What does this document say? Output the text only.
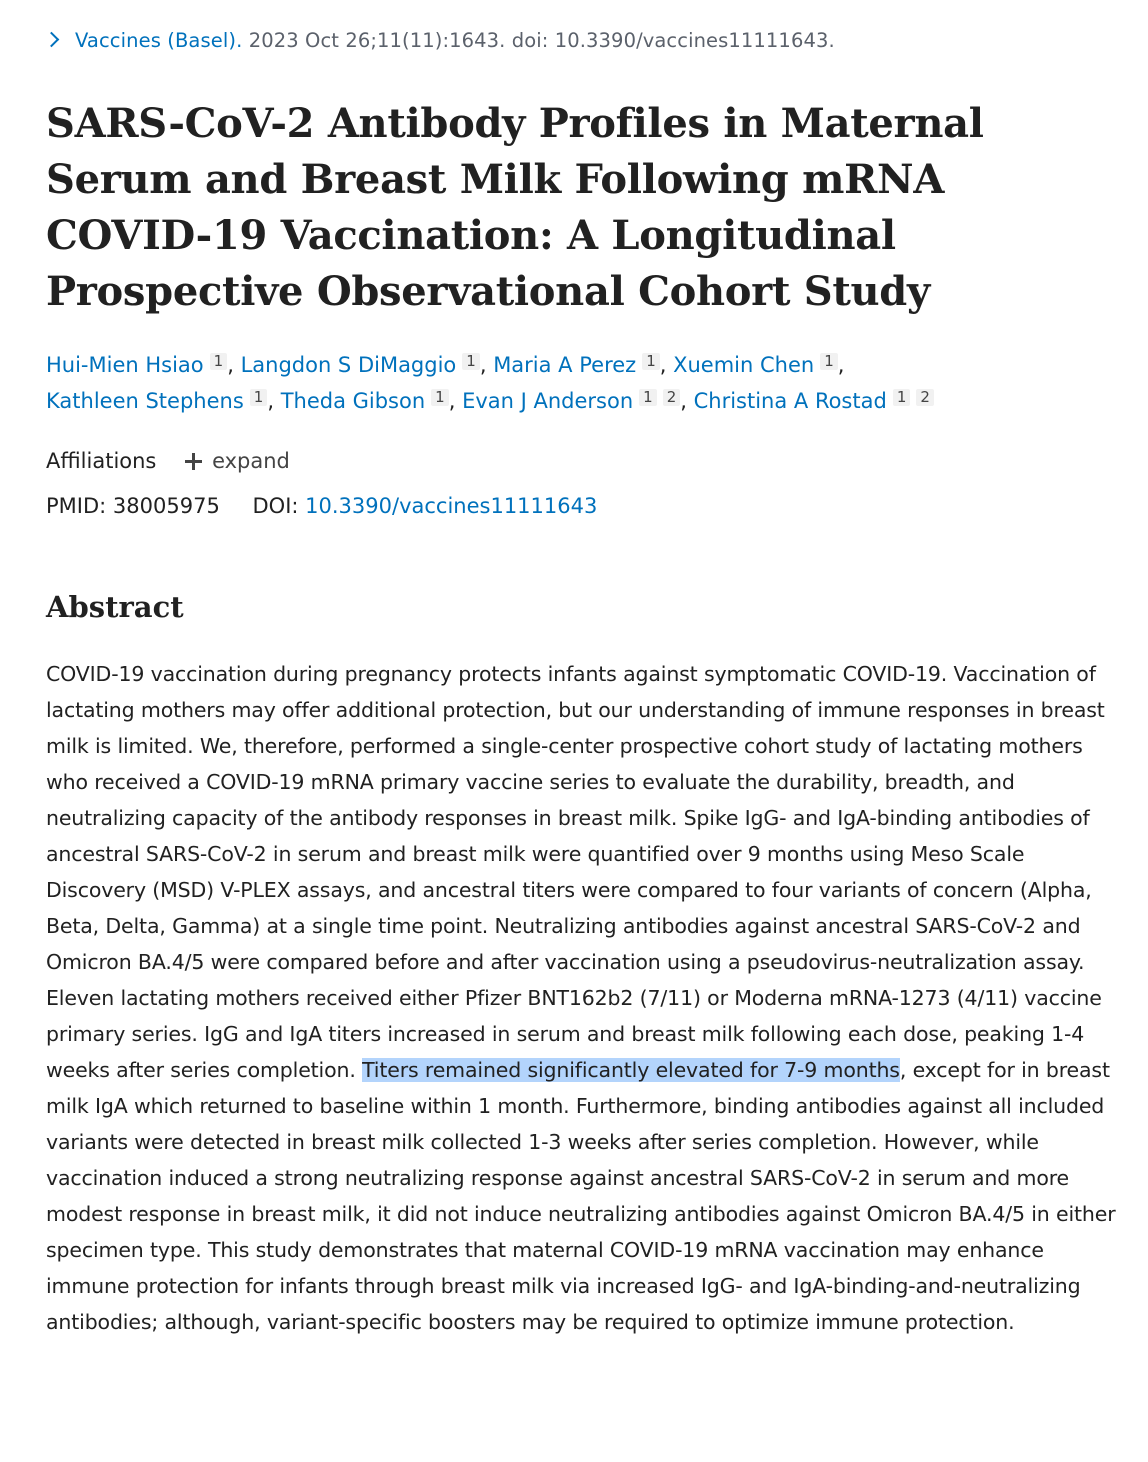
Vaccines (Basel). 2023 Oct 26;11(11):1643. doi: 10.3390/vaccines11111643.
SARS-CoV-2 Antibody Profiles in Maternal Serum and Breast Milk Following mRNA COVID-19 Vaccination: A Longitudinal Prospective Observational Cohort Study
Hui-Mien Hsiao 1 , Langdon S DiMaggio 1 , Maria A Perez 1 , Xuemin Chen 1 ,
Kathleen Stephens 1 , Theda Gibson 1 , Evan J Anderson 1 2 , Christina A Rostad 1 2
Affiliations	expand
PMID: 38005975 DOI: 10.3390/vaccines11111643
Abstract

COVID-19 vaccination during pregnancy protects infants against symptomatic COVID-19. Vaccination of lactating mothers may offer additional protection, but our understanding of immune responses in breast milk is limited. We, therefore, performed a single-center prospective cohort study of lactating mothers who received a COVID-19 mRNA primary vaccine series to evaluate the durability, breadth, and neutralizing capacity of the antibody responses in breast milk. Spike IgG- and IgA-binding antibodies of ancestral SARS-CoV-2 in serum and breast milk were quantified over 9 months using Meso Scale Discovery (MSD) V-PLEX assays, and ancestral titers were compared to four variants of concern (Alpha, Beta, Delta, Gamma) at a single time point. Neutralizing antibodies against ancestral SARS-CoV-2 and Omicron BA.4/5 were compared before and after vaccination using a pseudovirus-neutralization assay. Eleven lactating mothers received either Pfizer BNT162b2 (7/11) or Moderna mRNA-1273 (4/11) vaccine primary series. IgG and IgA titers increased in serum and breast milk following each dose, peaking 1-4 weeks after series completion. Titers remained significantly elevated for 7-9 months, except for in breast milk IgA which returned to baseline within 1 month. Furthermore, binding antibodies against all included variants were detected in breast milk collected 1-3 weeks after series completion. However, while vaccination induced a strong neutralizing response against ancestral SARS-CoV-2 in serum and more modest response in breast milk, it did not induce neutralizing antibodies against Omicron BA.4/5 in either specimen type. This study demonstrates that maternal COVID-19 mRNA vaccination may enhance immune protection for infants through breast milk via increased IgG- and IgA-binding-and-neutralizing antibodies; although, variant-specific boosters may be required to optimize immune protection.
